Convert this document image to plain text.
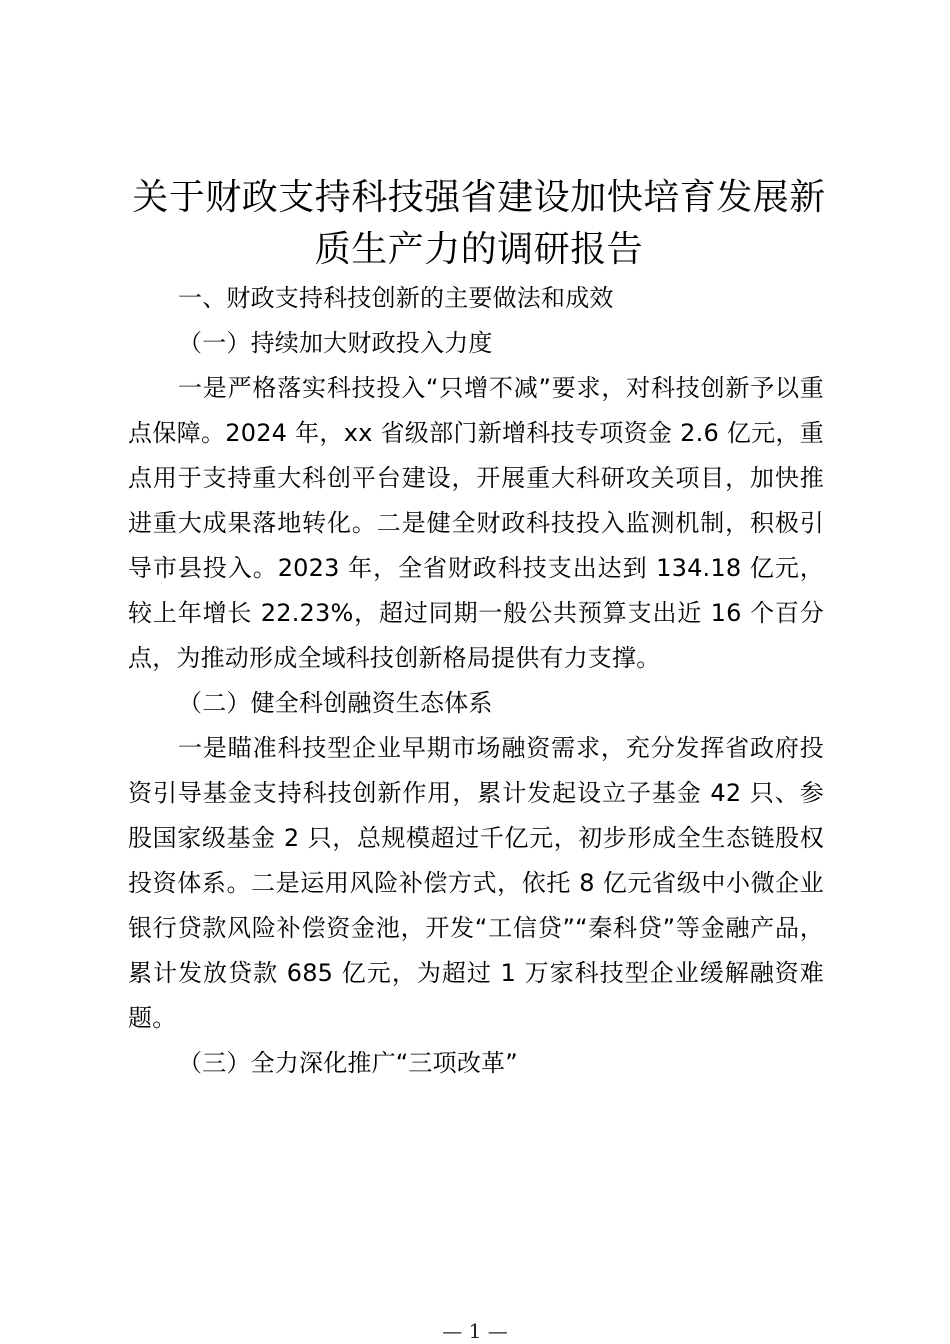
关于财政支持科技强省建设加快培育发展新质生产力的调研报告

一、财政支持科技创新的主要做法和成效

（一）持续加大财政投入力度

一是严格落实科技投入“只增不减”要求，对科技创新予以重点保障。2024 年，xx 省级部门新增科技专项资金 2.6 亿元，重点用于支持重大科创平台建设，开展重大科研攻关项目，加快推进重大成果落地转化。二是健全财政科技投入监测机制，积极引导市县投入。2023 年，全省财政科技支出达到 134.18 亿元，较上年增长 22.23%，超过同期一般公共预算支出近 16 个百分点，为推动形成全域科技创新格局提供有力支撑。

（二）健全科创融资生态体系

一是瞄准科技型企业早期市场融资需求，充分发挥省政府投资引导基金支持科技创新作用，累计发起设立子基金 42 只、参股国家级基金 2 只，总规模超过千亿元，初步形成全生态链股权投资体系。二是运用风险补偿方式，依托 8 亿元省级中小微企业银行贷款风险补偿资金池，开发“工信贷”“秦科贷”等金融产品，累计发放贷款 685 亿元，为超过 1 万家科技型企业缓解融资难题。

（三）全力深化推广“三项改革”

— 1 —
